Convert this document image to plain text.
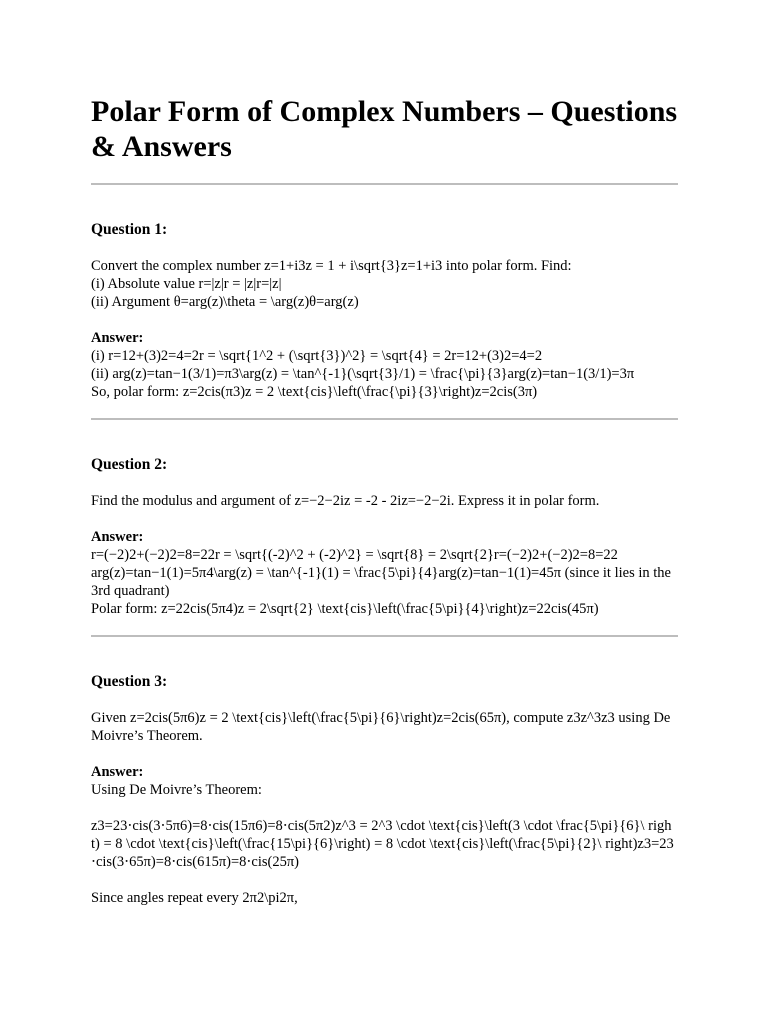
Polar Form of Complex Numbers – Questions & Answers
Question 1:

Convert the complex number z=1+i3z = 1 + i\sqrt{3}z=1+i3 into polar form. Find:

(i) Absolute value r=|z|r = |z|r=|z|

(ii) Argument θ=arg(z)\theta = \arg(z)θ=arg(z)

Answer:

(i) r=12+(3)2=4=2r = \sqrt{1^2 + (\sqrt{3})^2} = \sqrt{4} = 2r=12+(3)2=4=2

(ii) arg(z)=tan−1(3/1)=π3\arg(z) = \tan^{-1}(\sqrt{3}/1) = \frac{\pi}{3}arg(z)=tan−1(3/1)=3π

So, polar form: z=2cis(π3)z = 2 \text{cis}\left(\frac{\pi}{3}\right)z=2cis(3π)

Question 2:

Find the modulus and argument of z=−2−2iz = -2 - 2iz=−2−2i. Express it in polar form.

Answer:

r=(−2)2+(−2)2=8=22r = \sqrt{(-2)^2 + (-2)^2} = \sqrt{8} = 2\sqrt{2}r=(−2)2+(−2)2=8=22

arg(z)=tan−1(1)=5π4\arg(z) = \tan^{-1}(1) = \frac{5\pi}{4}arg(z)=tan−1(1)=45π (since it lies in the 3rd quadrant)

Polar form: z=22cis(5π4)z = 2\sqrt{2} \text{cis}\left(\frac{5\pi}{4}\right)z=22cis(45π)

Question 3:

Given z=2cis(5π6)z = 2 \text{cis}\left(\frac{5\pi}{6}\right)z=2cis(65π), compute z3z^3z3 using De Moivre’s Theorem.

Answer:

Using De Moivre’s Theorem:

z3=23⋅cis(3⋅5π6)=8⋅cis(15π6)=8⋅cis(5π2)z^3 = 2^3 \cdot \text{cis}\left(3 \cdot \frac{5\pi}{6}\ right) = 8 \cdot \text{cis}\left(\frac{15\pi}{6}\right) = 8 \cdot \text{cis}\left(\frac{5\pi}{2}\ right)z3=23⋅cis(3⋅65π)=8⋅cis(615π)=8⋅cis(25π)

Since angles repeat every 2π2\pi2π,
